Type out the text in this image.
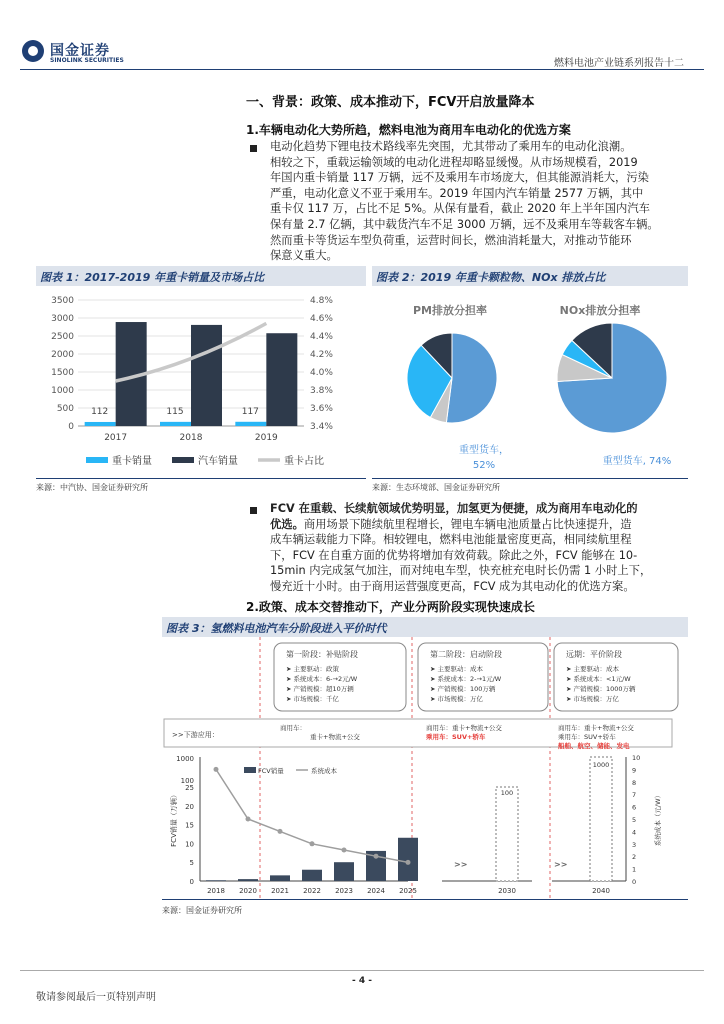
国金证券
SINOLINK SECURITIES	燃料电池产业链系列报告十二
一、背景：政策、成本推动下，FCV开启放量降本
1.车辆电动化大势所趋，燃料电池为商用车电动化的优选方案
电动化趋势下锂电技术路线率先突围，尤其带动了乘用车的电动化浪潮。
相较之下，重载运输领域的电动化进程却略显缓慢。从市场规模看，2019
年国内重卡销量 117 万辆，远不及乘用车市场庞大，但其能源消耗大，污染
严重，电动化意义不亚于乘用车。2019 年国内汽车销量 2577 万辆，其中
重卡仅 117 万，占比不足 5%。从保有量看，截止 2020 年上半年国内汽车
保有量 2.7 亿辆，其中载货汽车不足 3000 万辆，远不及乘用车等载客车辆。
然而重卡等货运车型负荷重，运营时间长，燃油消耗量大，对推动节能环
保意义重大。
图表 1：2017-2019 年重卡销量及市场占比
0
500
1000
1500
2000
2500
3000
3500
3.4%
3.6%
3.8%
4.0%
4.2%
4.4%
4.6%
4.8%
112
2017
115
2018
117
2019
重卡销量	汽车销量	重卡占比
来源：中汽协、国金证券研究所
图表 2：2019 年重卡颗粒物、NOx 排放占比
PM排放分担率
重型货车，
52%
NOx排放分担率
重型货车, 74%
来源：生态环境部、国金证券研究所
FCV 在重载、长续航领域优势明显，加氢更为便捷，成为商用车电动化的
优选。商用场景下随续航里程增长，锂电车辆电池质量占比快速提升，造
成车辆运载能力下降。相较锂电，燃料电池能量密度更高，相同续航里程
下，FCV 在自重方面的优势将增加有效荷载。除此之外，FCV 能够在 10-
15min 内完成氢气加注，而对纯电车型，快充桩充电时长仍需 1 小时上下，
慢充近十小时。由于商用运营强度更高，FCV 成为其电动化的优选方案。
2.政策、成本交替推动下，产业分两阶段实现快速成长
图表 3：氢燃料电池汽车分阶段进入平价时代
第一阶段：补贴阶段
➤ 主要驱动：政策
➤ 系统成本：6-→2元/W
➤ 产销规模：超10万辆
➤ 市场规模：千亿
第二阶段：启动阶段
➤ 主要驱动：成本
➤ 系统成本：2-→1元/W
➤ 产销规模：100万辆
➤ 市场规模：万亿
远期：平价阶段
➤ 主要驱动：成本
➤ 系统成本：<1元/W
➤ 产销规模：1000万辆
➤ 市场规模：万亿
>>下游应用：
商用车：
重卡+物流+公交
商用车：重卡+物流+公交
乘用车：SUV+轿车
商用车：重卡+物流+公交
乘用车：SUV+轿车
船舶、航空、储能、发电
0
5
10
15
20
25
100
1000
FCV销量（万辆）
2018 2020 2021 2022 2023 2024 2025
FCV销量	系统成本
100
2030
>>
0
1
2
3
4
5
6
7
8
9
10
系统成本（元/W）
1000
2040
>>
来源：国金证券研究所
- 4 -
敬请参阅最后一页特别声明
